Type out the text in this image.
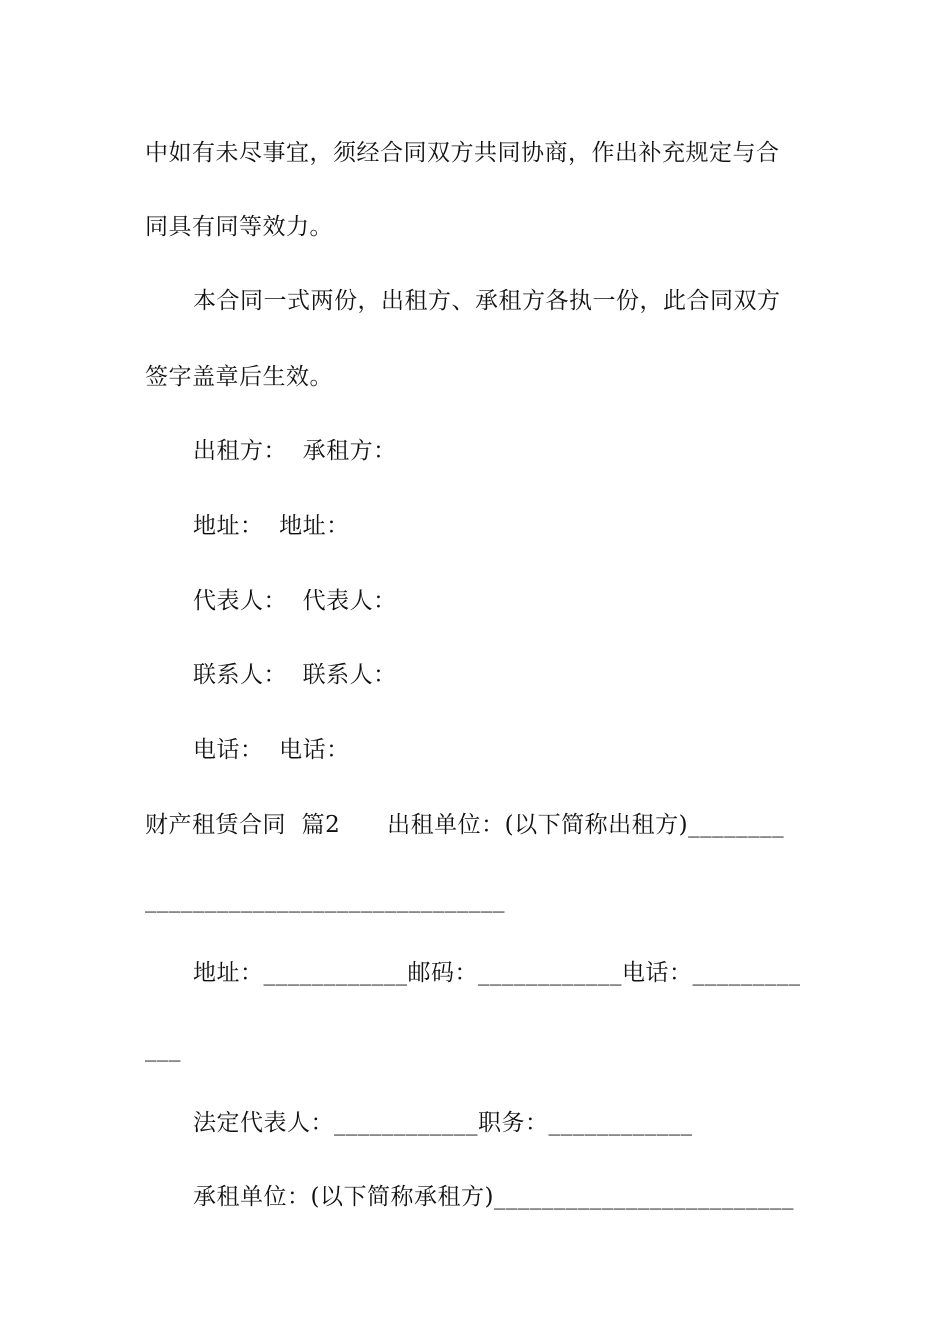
中如有未尽事宜，须经合同双方共同协商，作出补充规定与合
同具有同等效力。
本合同一式两份，出租方、承租方各执一份，此合同双方
签字盖章后生效。
出租方：  承租方：
地址：  地址：
代表人：  代表人：
联系人：  联系人：
电话：  电话：
财产租赁合同  篇2      出租单位：(以下简称出租方)________
______________________________
地址：____________邮码：____________电话：_________
___
法定代表人：____________职务：____________
承租单位：(以下简称承租方)_________________________
